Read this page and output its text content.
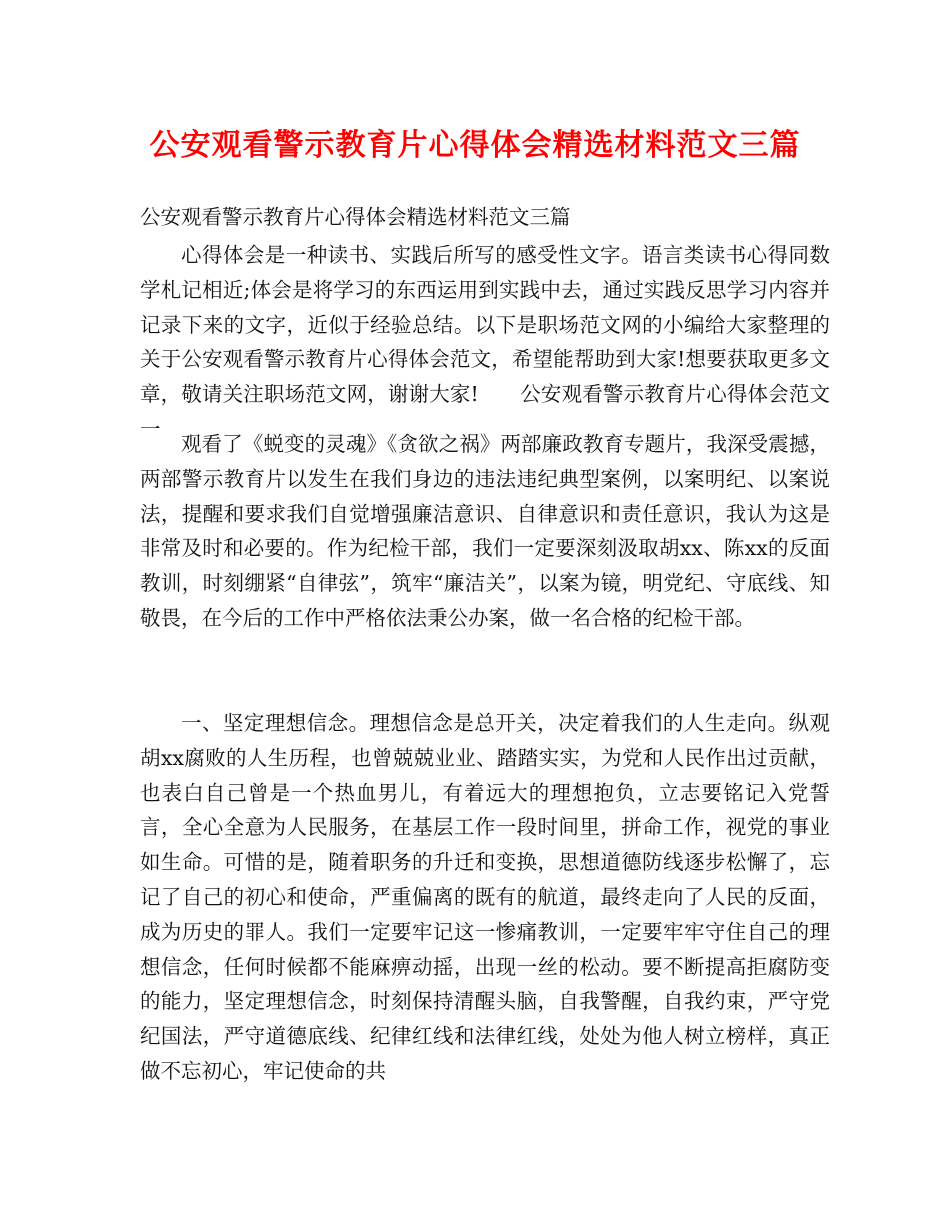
公安观看警示教育片心得体会精选材料范文三篇

公安观看警示教育片心得体会精选材料范文三篇

心得体会是一种读书、实践后所写的感受性文字。语言类读书心得同数学札记相近;体会是将学习的东西运用到实践中去，通过实践反思学习内容并记录下来的文字，近似于经验总结。以下是职场范文网的小编给大家整理的关于公安观看警示教育片心得体会范文，希望能帮助到大家!想要获取更多文章，敬请关注职场范文网，谢谢大家!　　公安观看警示教育片心得体会范文一

观看了《蜕变的灵魂》《贪欲之祸》两部廉政教育专题片，我深受震撼，两部警示教育片以发生在我们身边的违法违纪典型案例，以案明纪、以案说法，提醒和要求我们自觉增强廉洁意识、自律意识和责任意识，我认为这是非常及时和必要的。作为纪检干部，我们一定要深刻汲取胡xx、陈xx的反面教训，时刻绷紧“自律弦”，筑牢“廉洁关”，以案为镜，明党纪、守底线、知敬畏，在今后的工作中严格依法秉公办案，做一名合格的纪检干部。

一、坚定理想信念。理想信念是总开关，决定着我们的人生走向。纵观胡xx腐败的人生历程，也曾兢兢业业、踏踏实实，为党和人民作出过贡献，也表白自己曾是一个热血男儿，有着远大的理想抱负，立志要铭记入党誓言，全心全意为人民服务，在基层工作一段时间里，拼命工作，视党的事业如生命。可惜的是，随着职务的升迁和变换，思想道德防线逐步松懈了，忘记了自己的初心和使命，严重偏离的既有的航道，最终走向了人民的反面，成为历史的罪人。我们一定要牢记这一惨痛教训，一定要牢牢守住自己的理想信念，任何时候都不能麻痹动摇，出现一丝的松动。要不断提高拒腐防变的能力，坚定理想信念，时刻保持清醒头脑，自我警醒，自我约束，严守党纪国法，严守道德底线、纪律红线和法律红线，处处为他人树立榜样，真正做不忘初心，牢记使命的共
